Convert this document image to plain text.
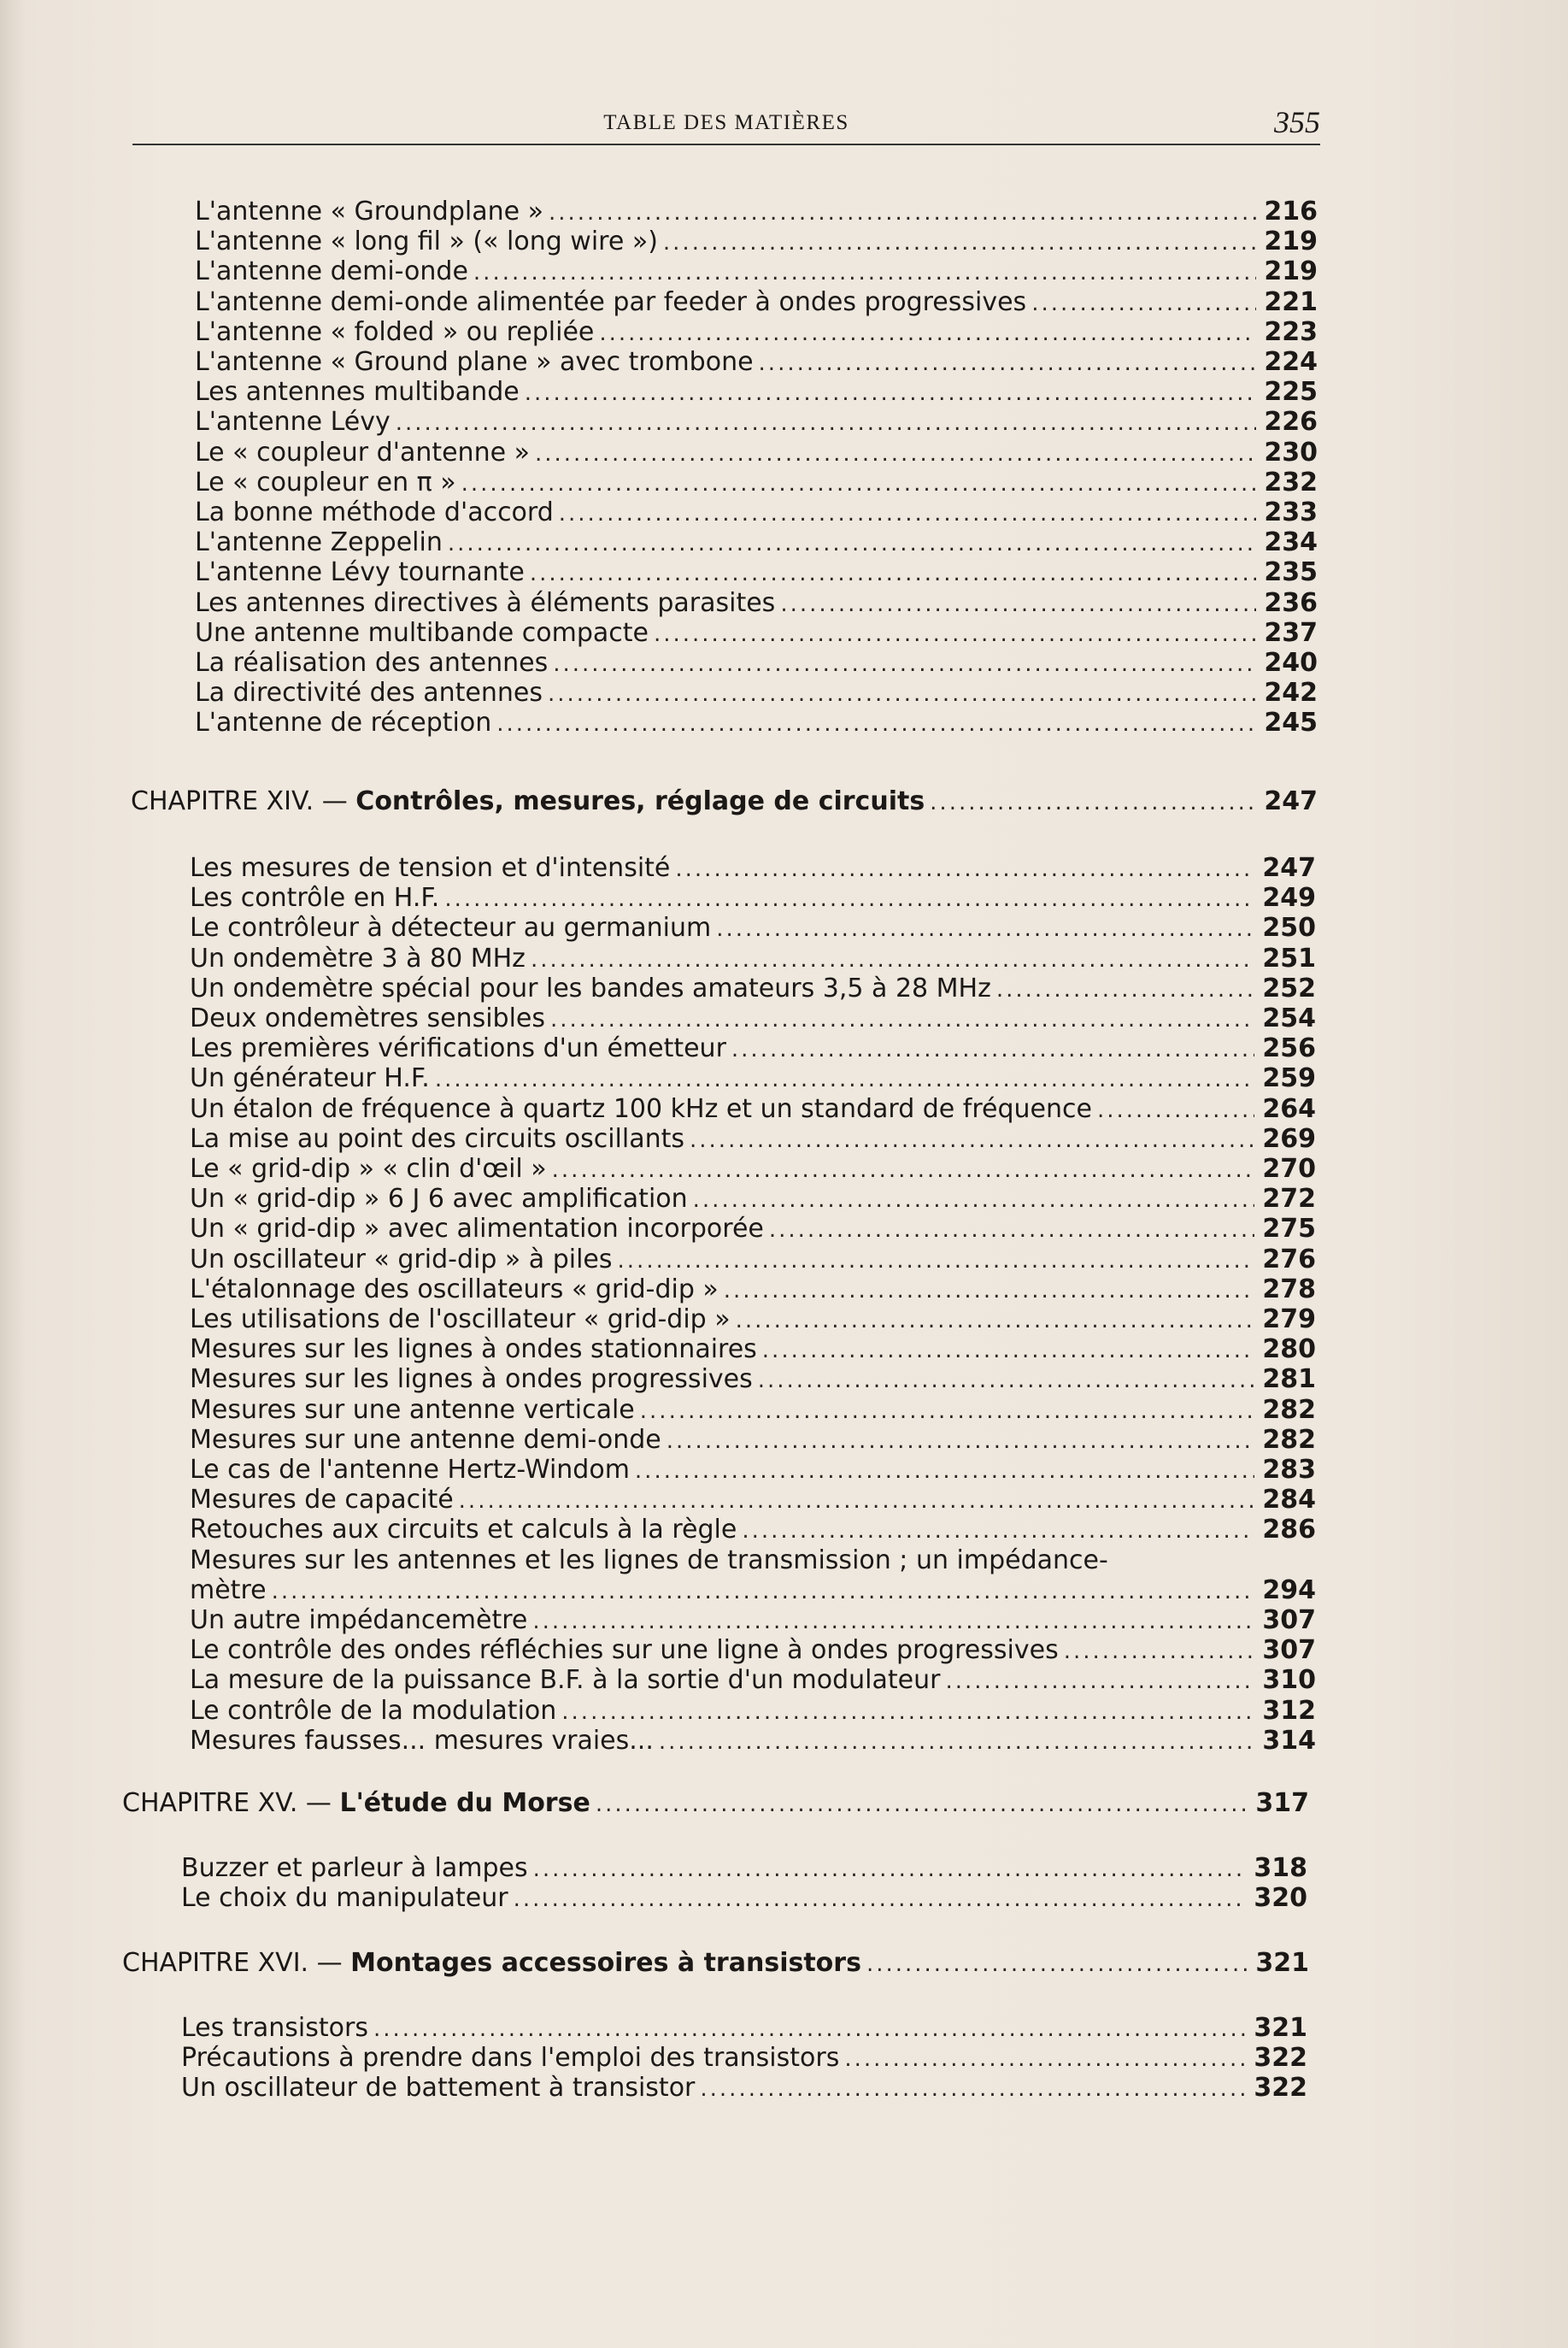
TABLE DES MATIÈRES	355
L'antenne « Groundplane » .....	216
L'antenne « long fil » (« long wire ») .....	219
L'antenne demi-onde .....	219
L'antenne demi-onde alimentée par feeder à ondes progressives .....	221
L'antenne « folded » ou repliée .....	223
L'antenne « Ground plane » avec trombone .....	224
Les antennes multibande .....	225
L'antenne Lévy .....	226
Le « coupleur d'antenne » .....	230
Le « coupleur en π » .....	232
La bonne méthode d'accord .....	233
L'antenne Zeppelin .....	234
L'antenne Lévy tournante .....	235
Les antennes directives à éléments parasites .....	236
Une antenne multibande compacte .....	237
La réalisation des antennes .....	240
La directivité des antennes .....	242
L'antenne de réception .....	245
CHAPITRE XIV. — Contrôles, mesures, réglage de circuits .....	247
Les mesures de tension et d'intensité .....	247
Les contrôle en H.F. .....	249
Le contrôleur à détecteur au germanium .....	250
Un ondemètre 3 à 80 MHz .....	251
Un ondemètre spécial pour les bandes amateurs 3,5 à 28 MHz .....	252
Deux ondemètres sensibles .....	254
Les premières vérifications d'un émetteur .....	256
Un générateur H.F. .....	259
Un étalon de fréquence à quartz 100 kHz et un standard de fréquence .....	264
La mise au point des circuits oscillants .....	269
Le « grid-dip » « clin d'œil » .....	270
Un « grid-dip » 6 J 6 avec amplification .....	272
Un « grid-dip » avec alimentation incorporée .....	275
Un oscillateur « grid-dip » à piles .....	276
L'étalonnage des oscillateurs « grid-dip » .....	278
Les utilisations de l'oscillateur « grid-dip » .....	279
Mesures sur les lignes à ondes stationnaires .....	280
Mesures sur les lignes à ondes progressives .....	281
Mesures sur une antenne verticale .....	282
Mesures sur une antenne demi-onde .....	282
Le cas de l'antenne Hertz-Windom .....	283
Mesures de capacité .....	284
Retouches aux circuits et calculs à la règle .....	286
Mesures sur les antennes et les lignes de transmission ; un impédance-
mètre .....	294
Un autre impédancemètre .....	307
Le contrôle des ondes réfléchies sur une ligne à ondes progressives .....	307
La mesure de la puissance B.F. à la sortie d'un modulateur .....	310
Le contrôle de la modulation .....	312
Mesures fausses... mesures vraies... .....	314
CHAPITRE XV. — L'étude du Morse .....	317
Buzzer et parleur à lampes .....	318
Le choix du manipulateur .....	320
CHAPITRE XVI. — Montages accessoires à transistors .....	321
Les transistors .....	321
Précautions à prendre dans l'emploi des transistors .....	322
Un oscillateur de battement à transistor .....	322
